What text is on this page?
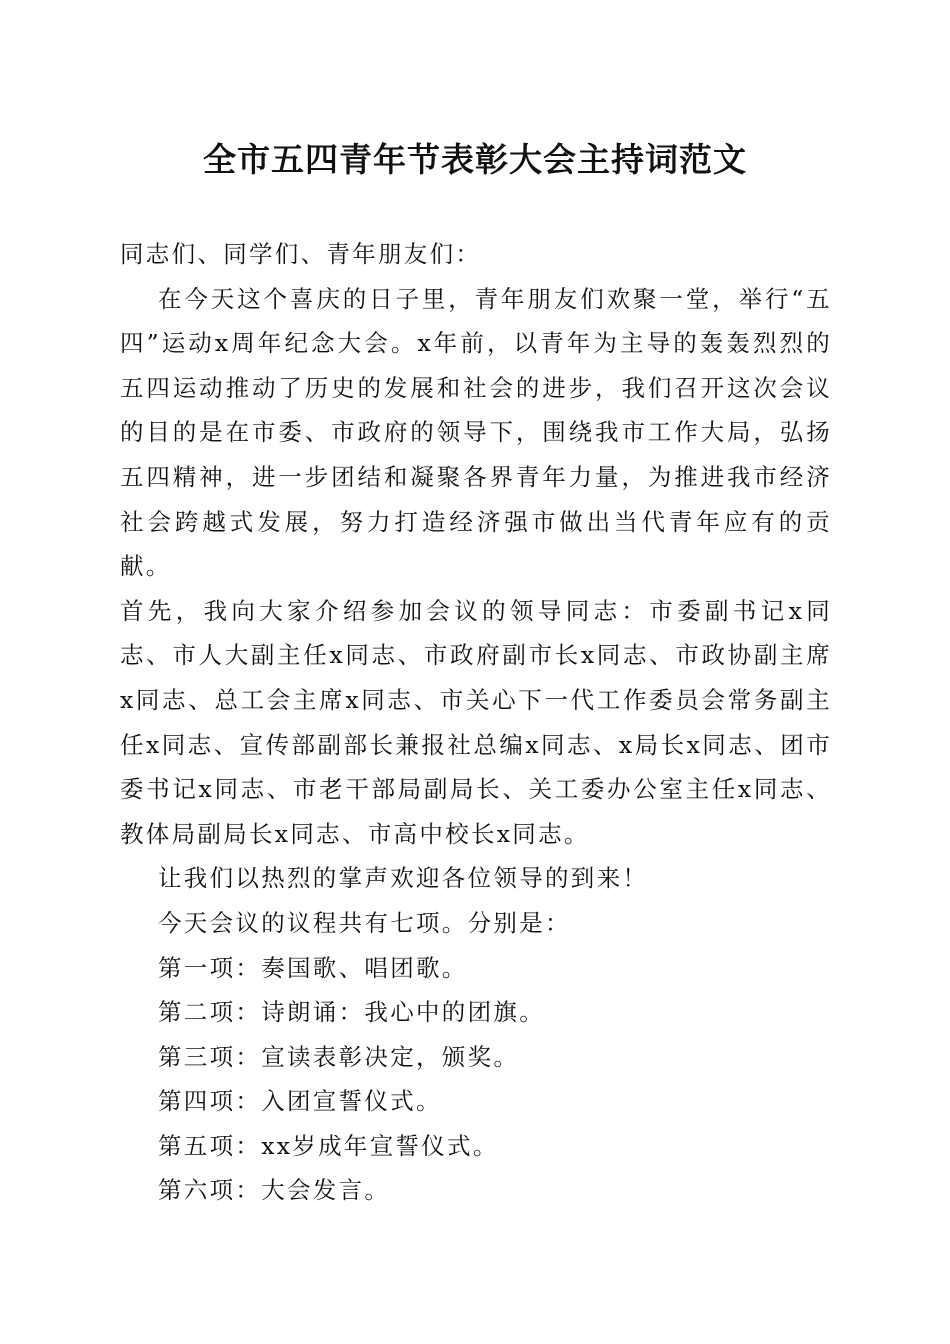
全市五四青年节表彰大会主持词范文

同志们、同学们、青年朋友们：

在今天这个喜庆的日子里，青年朋友们欢聚一堂，举行“五四”运动x周年纪念大会。x年前，以青年为主导的轰轰烈烈的五四运动推动了历史的发展和社会的进步，我们召开这次会议的目的是在市委、市政府的领导下，围绕我市工作大局，弘扬五四精神，进一步团结和凝聚各界青年力量，为推进我市经济社会跨越式发展，努力打造经济强市做出当代青年应有的贡献。

首先，我向大家介绍参加会议的领导同志：市委副书记x同志、市人大副主任x同志、市政府副市长x同志、市政协副主席x同志、总工会主席x同志、市关心下一代工作委员会常务副主任x同志、宣传部副部长兼报社总编x同志、x局长x同志、团市委书记x同志、市老干部局副局长、关工委办公室主任x同志、教体局副局长x同志、市高中校长x同志。

让我们以热烈的掌声欢迎各位领导的到来！

今天会议的议程共有七项。分别是：

第一项：奏国歌、唱团歌。

第二项：诗朗诵：我心中的团旗。

第三项：宣读表彰决定，颁奖。

第四项：入团宣誓仪式。

第五项：xx岁成年宣誓仪式。

第六项：大会发言。
